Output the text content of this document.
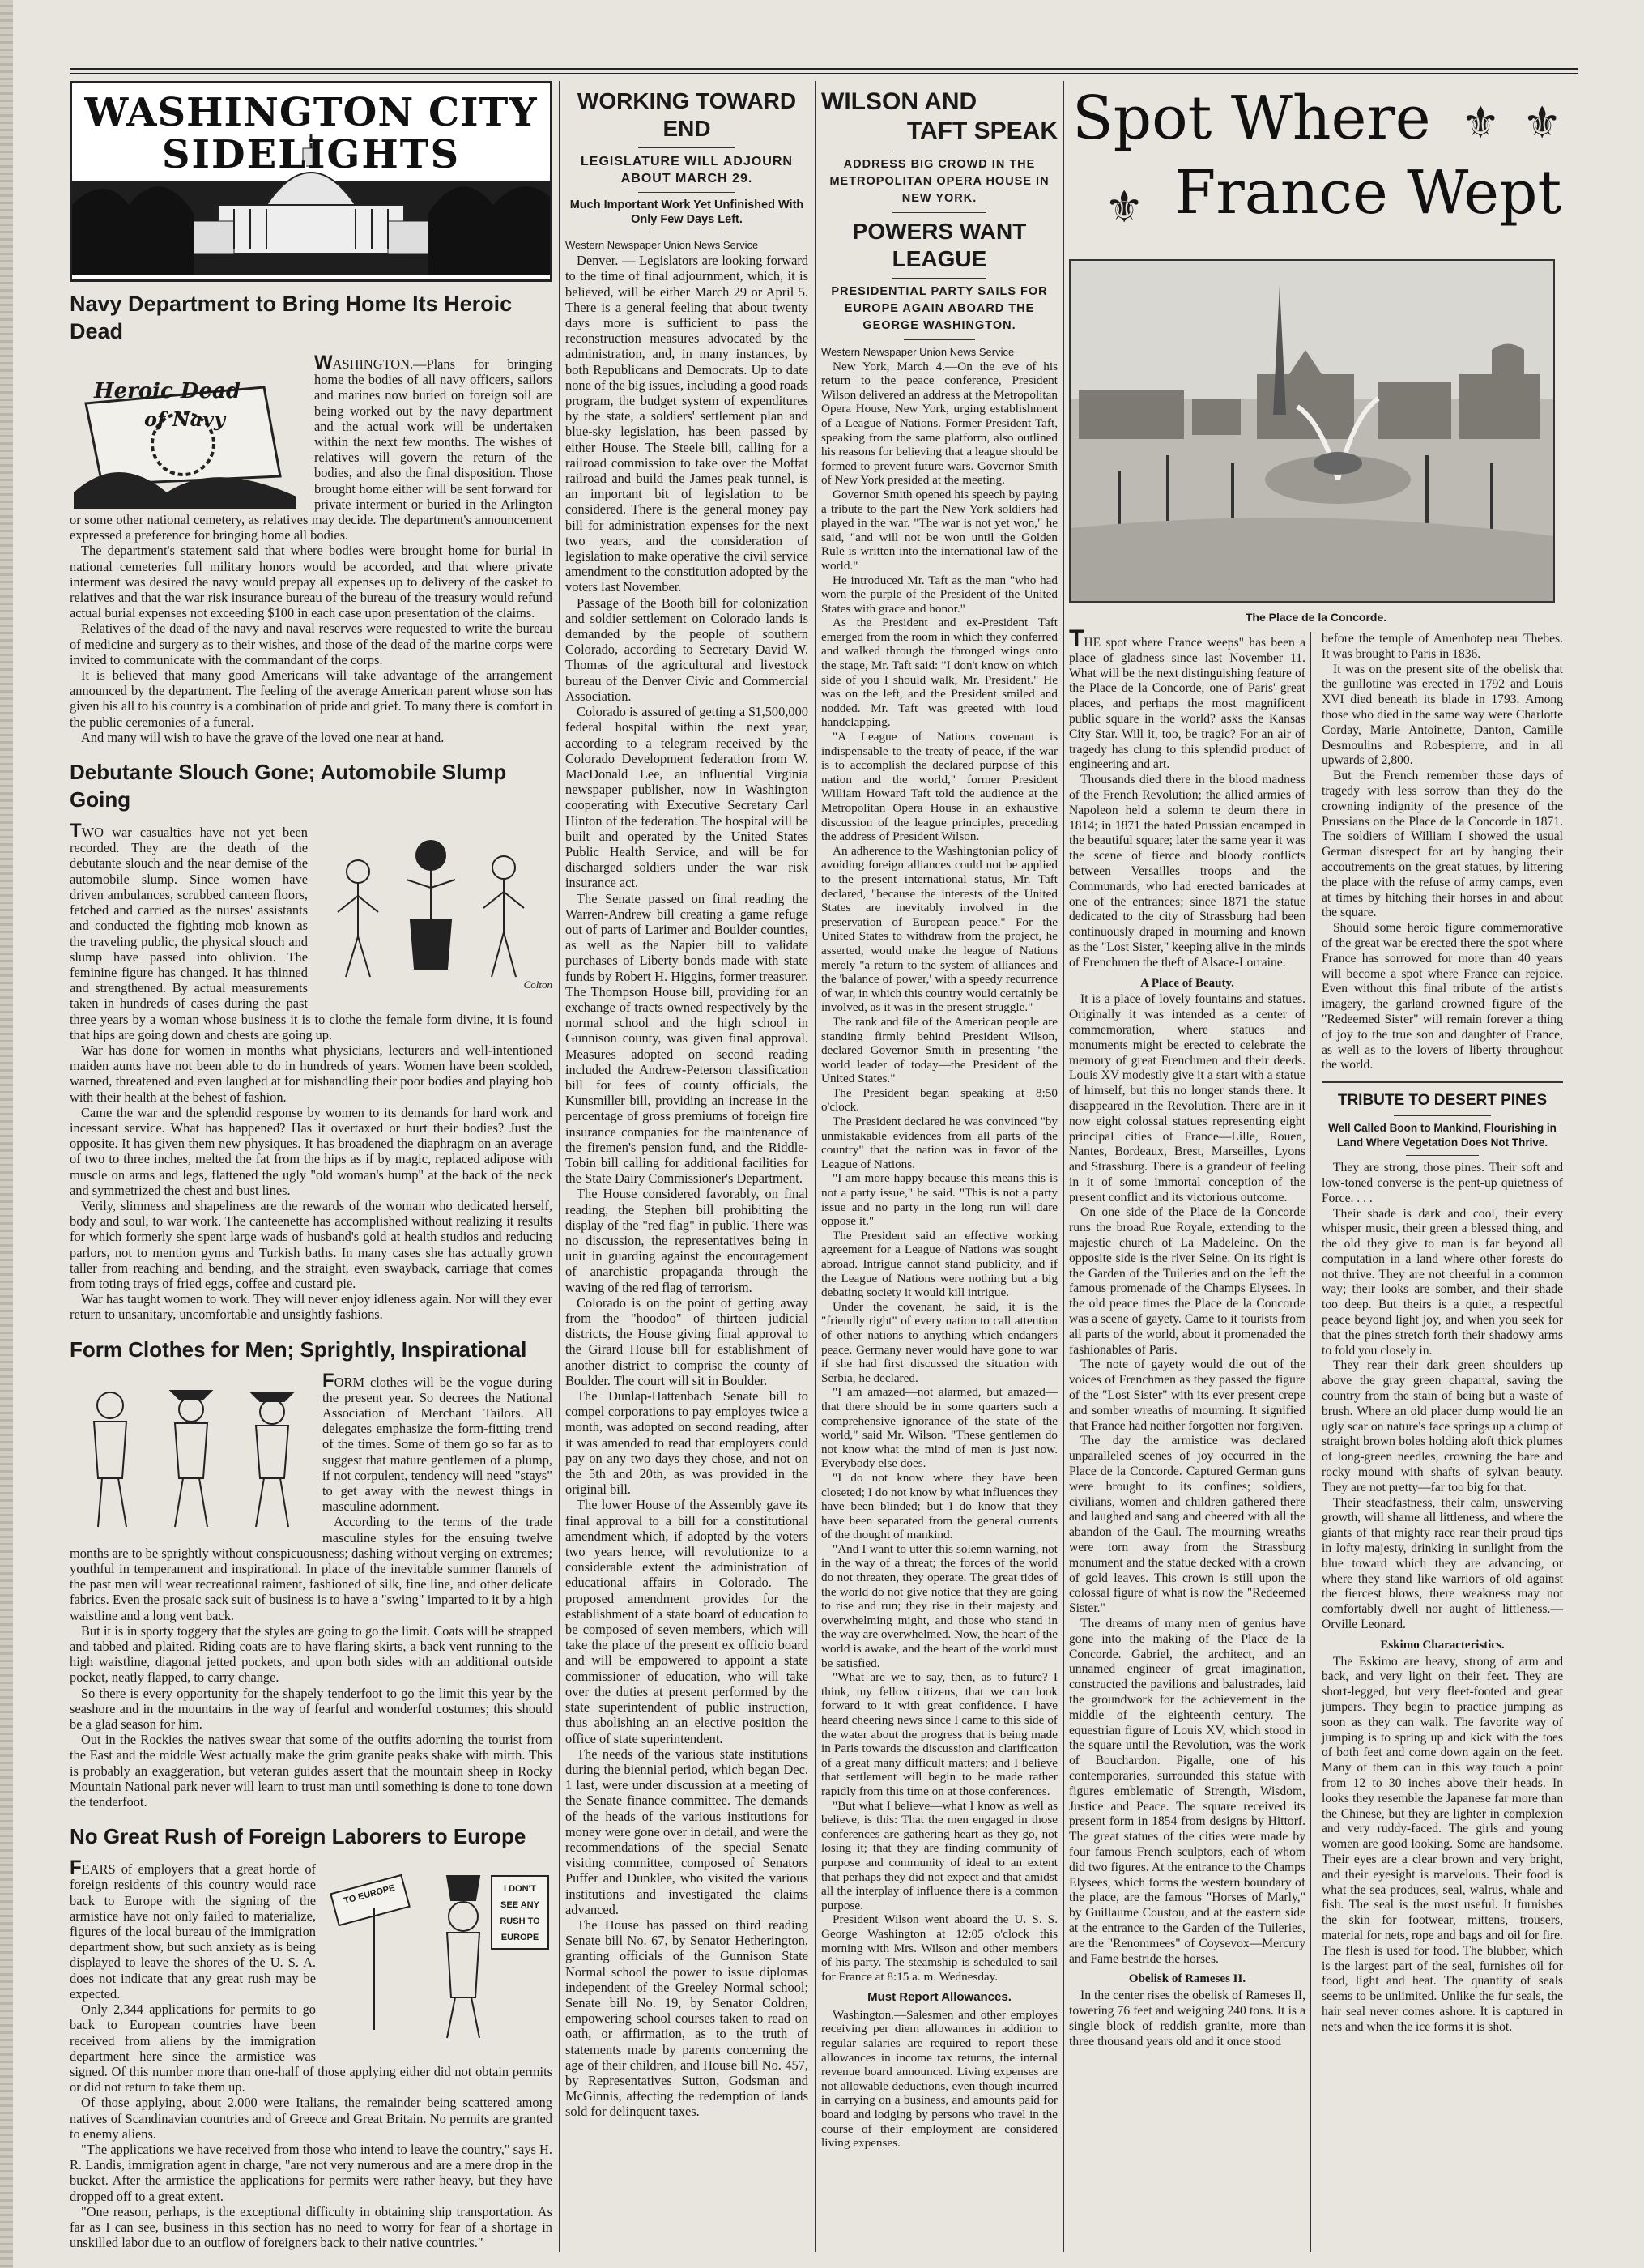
WASHINGTON CITY
SIDELIGHTS
Navy Department to Bring Home Its Heroic Dead
Heroic Dead
of Navy

WASHINGTON.—Plans for bringing home the bodies of all navy officers, sailors and marines now buried on foreign soil are being worked out by the navy department and the actual work will be undertaken within the next few months. The wishes of relatives will govern the return of the bodies, and also the final disposition. Those brought home either will be sent forward for private interment or buried in the Arlington or some other national cemetery, as relatives may decide. The department's announcement expressed a preference for bringing home all bodies.

The department's statement said that where bodies were brought home for burial in national cemeteries full military honors would be accorded, and that where private interment was desired the navy would prepay all expenses up to delivery of the casket to relatives and that the war risk insurance bureau of the bureau of the treasury would refund actual burial expenses not exceeding $100 in each case upon presentation of the claims.

Relatives of the dead of the navy and naval reserves were requested to write the bureau of medicine and surgery as to their wishes, and those of the dead of the marine corps were invited to communicate with the commandant of the corps.

It is believed that many good Americans will take advantage of the arrangement announced by the department. The feeling of the average American parent whose son has given his all to his country is a combination of pride and grief. To many there is comfort in the public ceremonies of a funeral.

And many will wish to have the grave of the loved one near at hand.

Debutante Slouch Gone; Automobile Slump Going
Colton

TWO war casualties have not yet been recorded. They are the death of the debutante slouch and the near demise of the automobile slump. Since women have driven ambulances, scrubbed canteen floors, fetched and carried as the nurses' assistants and conducted the fighting mob known as the traveling public, the physical slouch and slump have passed into oblivion. The feminine figure has changed. It has thinned and strengthened. By actual measurements taken in hundreds of cases during the past three years by a woman whose business it is to clothe the female form divine, it is found that hips are going down and chests are going up.

War has done for women in months what physicians, lecturers and well-intentioned maiden aunts have not been able to do in hundreds of years. Women have been scolded, warned, threatened and even laughed at for mishandling their poor bodies and playing hob with their health at the behest of fashion.

Came the war and the splendid response by women to its demands for hard work and incessant service. What has happened? Has it overtaxed or hurt their bodies? Just the opposite. It has given them new physiques. It has broadened the diaphragm on an average of two to three inches, melted the fat from the hips as if by magic, replaced adipose with muscle on arms and legs, flattened the ugly "old woman's hump" at the back of the neck and symmetrized the chest and bust lines.

Verily, slimness and shapeliness are the rewards of the woman who dedicated herself, body and soul, to war work. The canteenette has accomplished without realizing it results for which formerly she spent large wads of husband's gold at health studios and reducing parlors, not to mention gyms and Turkish baths. In many cases she has actually grown taller from reaching and bending, and the straight, even swayback, carriage that comes from toting trays of fried eggs, coffee and custard pie.

War has taught women to work. They will never enjoy idleness again. Nor will they ever return to unsanitary, uncomfortable and unsightly fashions.

Form Clothes for Men; Sprightly, Inspirational

FORM clothes will be the vogue during the present year. So decrees the National Association of Merchant Tailors. All delegates emphasize the form-fitting trend of the times. Some of them go so far as to suggest that mature gentlemen of a plump, if not corpulent, tendency will need "stays" to get away with the newest things in masculine adornment.

According to the terms of the trade masculine styles for the ensuing twelve months are to be sprightly without conspicuousness; dashing without verging on extremes; youthful in temperament and inspirational. In place of the inevitable summer flannels of the past men will wear recreational raiment, fashioned of silk, fine line, and other delicate fabrics. Even the prosaic sack suit of business is to have a "swing" imparted to it by a high waistline and a long vent back.

But it is in sporty toggery that the styles are going to go the limit. Coats will be strapped and tabbed and plaited. Riding coats are to have flaring skirts, a back vent running to the high waistline, diagonal jetted pockets, and upon both sides with an additional outside pocket, neatly flapped, to carry change.

So there is every opportunity for the shapely tenderfoot to go the limit this year by the seashore and in the mountains in the way of fearful and wonderful costumes; this should be a glad season for him.

Out in the Rockies the natives swear that some of the outfits adorning the tourist from the East and the middle West actually make the grim granite peaks shake with mirth. This is probably an exaggeration, but veteran guides assert that the mountain sheep in Rocky Mountain National park never will learn to trust man until something is done to tone down the tenderfoot.

No Great Rush of Foreign Laborers to Europe
TO EUROPE	I DON'T
SEE ANY
RUSH TO
EUROPE

FEARS of employers that a great horde of foreign residents of this country would race back to Europe with the signing of the armistice have not only failed to materialize, figures of the local bureau of the immigration department show, but such anxiety as is being displayed to leave the shores of the U. S. A. does not indicate that any great rush may be expected.

Only 2,344 applications for permits to go back to European countries have been received from aliens by the immigration department here since the armistice was signed. Of this number more than one-half of those applying either did not obtain permits or did not return to take them up.

Of those applying, about 2,000 were Italians, the remainder being scattered among natives of Scandinavian countries and of Greece and Great Britain. No permits are granted to enemy aliens.

"The applications we have received from those who intend to leave the country," says H. R. Landis, immigration agent in charge, "are not very numerous and are a mere drop in the bucket. After the armistice the applications for permits were rather heavy, but they have dropped off to a great extent.

"One reason, perhaps, is the exceptional difficulty in obtaining ship transportation. As far as I can see, business in this section has no need to worry for fear of a shortage in unskilled labor due to an outflow of foreigners back to their native countries."

WORKING TOWARD END
LEGISLATURE WILL ADJOURN ABOUT MARCH 29.
Much Important Work Yet Unfinished With Only Few Days Left.

Western Newspaper Union News Service

Denver. — Legislators are looking forward to the time of final adjournment, which, it is believed, will be either March 29 or April 5. There is a general feeling that about twenty days more is sufficient to pass the reconstruction measures advocated by the administration, and, in many instances, by both Republicans and Democrats. Up to date none of the big issues, including a good roads program, the budget system of expenditures by the state, a soldiers' settlement plan and blue-sky legislation, has been passed by either House. The Steele bill, calling for a railroad commission to take over the Moffat railroad and build the James peak tunnel, is an important bit of legislation to be considered. There is the general money pay bill for administration expenses for the next two years, and the consideration of legislation to make operative the civil service amendment to the constitution adopted by the voters last November.

Passage of the Booth bill for colonization and soldier settlement on Colorado lands is demanded by the people of southern Colorado, according to Secretary David W. Thomas of the agricultural and livestock bureau of the Denver Civic and Commercial Association.

Colorado is assured of getting a $1,500,000 federal hospital within the next year, according to a telegram received by the Colorado Development federation from W. MacDonald Lee, an influential Virginia newspaper publisher, now in Washington cooperating with Executive Secretary Carl Hinton of the federation. The hospital will be built and operated by the United States Public Health Service, and will be for discharged soldiers under the war risk insurance act.

The Senate passed on final reading the Warren-Andrew bill creating a game refuge out of parts of Larimer and Boulder counties, as well as the Napier bill to validate purchases of Liberty bonds made with state funds by Robert H. Higgins, former treasurer. The Thompson House bill, providing for an exchange of tracts owned respectively by the normal school and the high school in Gunnison county, was given final approval. Measures adopted on second reading included the Andrew-Peterson classification bill for fees of county officials, the Kunsmiller bill, providing an increase in the percentage of gross premiums of foreign fire insurance companies for the maintenance of the firemen's pension fund, and the Riddle-Tobin bill calling for additional facilities for the State Dairy Commissioner's Department.

The House considered favorably, on final reading, the Stephen bill prohibiting the display of the "red flag" in public. There was no discussion, the representatives being in unit in guarding against the encouragement of anarchistic propaganda through the waving of the red flag of terrorism.

Colorado is on the point of getting away from the "hoodoo" of thirteen judicial districts, the House giving final approval to the Girard House bill for establishment of another district to comprise the county of Boulder. The court will sit in Boulder.

The Dunlap-Hattenbach Senate bill to compel corporations to pay employes twice a month, was adopted on second reading, after it was amended to read that employers could pay on any two days they chose, and not on the 5th and 20th, as was provided in the original bill.

The lower House of the Assembly gave its final approval to a bill for a constitutional amendment which, if adopted by the voters two years hence, will revolutionize to a considerable extent the administration of educational affairs in Colorado. The proposed amendment provides for the establishment of a state board of education to be composed of seven members, which will take the place of the present ex officio board and will be empowered to appoint a state commissioner of education, who will take over the duties at present performed by the state superintendent of public instruction, thus abolishing an an elective position the office of state superintendent.

The needs of the various state institutions during the biennial period, which began Dec. 1 last, were under discussion at a meeting of the Senate finance committee. The demands of the heads of the various institutions for money were gone over in detail, and were the recommendations of the special Senate visiting committee, composed of Senators Puffer and Dunklee, who visited the various institutions and investigated the claims advanced.

The House has passed on third reading Senate bill No. 67, by Senator Hetherington, granting officials of the Gunnison State Normal school the power to issue diplomas independent of the Greeley Normal school; Senate bill No. 19, by Senator Coldren, empowering school courses taken to read on oath, or affirmation, as to the truth of statements made by parents concerning the age of their children, and House bill No. 457, by Representatives Sutton, Godsman and McGinnis, affecting the redemption of lands sold for delinquent taxes.

WILSON AND
TAFT SPEAK
ADDRESS BIG CROWD IN THE METROPOLITAN OPERA HOUSE IN NEW YORK.
POWERS WANT LEAGUE
PRESIDENTIAL PARTY SAILS FOR EUROPE AGAIN ABOARD THE GEORGE WASHINGTON.

Western Newspaper Union News Service

New York, March 4.—On the eve of his return to the peace conference, President Wilson delivered an address at the Metropolitan Opera House, New York, urging establishment of a League of Nations. Former President Taft, speaking from the same platform, also outlined his reasons for believing that a league should be formed to prevent future wars. Governor Smith of New York presided at the meeting.

Governor Smith opened his speech by paying a tribute to the part the New York soldiers had played in the war. "The war is not yet won," he said, "and will not be won until the Golden Rule is written into the international law of the world."

He introduced Mr. Taft as the man "who had worn the purple of the President of the United States with grace and honor."

As the President and ex-President Taft emerged from the room in which they conferred and walked through the thronged wings onto the stage, Mr. Taft said: "I don't know on which side of you I should walk, Mr. President." He was on the left, and the President smiled and nodded. Mr. Taft was greeted with loud handclapping.

"A League of Nations covenant is indispensable to the treaty of peace, if the war is to accomplish the declared purpose of this nation and the world," former President William Howard Taft told the audience at the Metropolitan Opera House in an exhaustive discussion of the league principles, preceding the address of President Wilson.

An adherence to the Washingtonian policy of avoiding foreign alliances could not be applied to the present international status, Mr. Taft declared, "because the interests of the United States are inevitably involved in the preservation of European peace." For the United States to withdraw from the project, he asserted, would make the league of Nations merely "a return to the system of alliances and the 'balance of power,' with a speedy recurrence of war, in which this country would certainly be involved, as it was in the present struggle."

The rank and file of the American people are standing firmly behind President Wilson, declared Governor Smith in presenting "the world leader of today—the President of the United States."

The President began speaking at 8:50 o'clock.

The President declared he was convinced "by unmistakable evidences from all parts of the country" that the nation was in favor of the League of Nations.

"I am more happy because this means this is not a party issue," he said. "This is not a party issue and no party in the long run will dare oppose it."

The President said an effective working agreement for a League of Nations was sought abroad. Intrigue cannot stand publicity, and if the League of Nations were nothing but a big debating society it would kill intrigue.

Under the covenant, he said, it is the "friendly right" of every nation to call attention of other nations to anything which endangers peace. Germany never would have gone to war if she had first discussed the situation with Serbia, he declared.

"I am amazed—not alarmed, but amazed—that there should be in some quarters such a comprehensive ignorance of the state of the world," said Mr. Wilson. "These gentlemen do not know what the mind of men is just now. Everybody else does.

"I do not know where they have been closeted; I do not know by what influences they have been blinded; but I do know that they have been separated from the general currents of the thought of mankind.

"And I want to utter this solemn warning, not in the way of a threat; the forces of the world do not threaten, they operate. The great tides of the world do not give notice that they are going to rise and run; they rise in their majesty and overwhelming might, and those who stand in the way are overwhelmed. Now, the heart of the world is awake, and the heart of the world must be satisfied.

"What are we to say, then, as to future? I think, my fellow citizens, that we can look forward to it with great confidence. I have heard cheering news since I came to this side of the water about the progress that is being made in Paris towards the discussion and clarification of a great many difficult matters; and I believe that settlement will begin to be made rather rapidly from this time on at those conferences.

"But what I believe—what I know as well as believe, is this: That the men engaged in those conferences are gathering heart as they go, not losing it; that they are finding community of purpose and community of ideal to an extent that perhaps they did not expect and that amidst all the interplay of influence there is a common purpose.

President Wilson went aboard the U. S. S. George Washington at 12:05 o'clock this morning with Mrs. Wilson and other members of his party. The steamship is scheduled to sail for France at 8:15 a. m. Wednesday.

Must Report Allowances.

Washington.—Salesmen and other employes receiving per diem allowances in addition to regular salaries are required to report these allowances in income tax returns, the internal revenue board announced. Living expenses are not allowable deductions, even though incurred in carrying on a business, and amounts paid for board and lodging by persons who travel in the course of their employment are considered living expenses.

Spot Where
France Wept
⚜ ⚜
⚜
The Place de la Concorde.

THE spot where France weeps" has been a place of gladness since last November 11. What will be the next distinguishing feature of the Place de la Concorde, one of Paris' great places, and perhaps the most magnificent public square in the world? asks the Kansas City Star. Will it, too, be tragic? For an air of tragedy has clung to this splendid product of engineering and art.

Thousands died there in the blood madness of the French Revolution; the allied armies of Napoleon held a solemn te deum there in 1814; in 1871 the hated Prussian encamped in the beautiful square; later the same year it was the scene of fierce and bloody conflicts between Versailles troops and the Communards, who had erected barricades at one of the entrances; since 1871 the statue dedicated to the city of Strassburg had been continuously draped in mourning and known as the "Lost Sister," keeping alive in the minds of Frenchmen the theft of Alsace-Lorraine.

A Place of Beauty.

It is a place of lovely fountains and statues. Originally it was intended as a center of commemoration, where statues and monuments might be erected to celebrate the memory of great Frenchmen and their deeds. Louis XV modestly give it a start with a statue of himself, but this no longer stands there. It disappeared in the Revolution. There are in it now eight colossal statues representing eight principal cities of France—Lille, Rouen, Nantes, Bordeaux, Brest, Marseilles, Lyons and Strassburg. There is a grandeur of feeling in it of some immortal conception of the present conflict and its victorious outcome.

On one side of the Place de la Concorde runs the broad Rue Royale, extending to the majestic church of La Madeleine. On the opposite side is the river Seine. On its right is the Garden of the Tuileries and on the left the famous promenade of the Champs Elysees. In the old peace times the Place de la Concorde was a scene of gayety. Came to it tourists from all parts of the world, about it promenaded the fashionables of Paris.

The note of gayety would die out of the voices of Frenchmen as they passed the figure of the "Lost Sister" with its ever present crepe and somber wreaths of mourning. It signified that France had neither forgotten nor forgiven.

The day the armistice was declared unparalleled scenes of joy occurred in the Place de la Concorde. Captured German guns were brought to its confines; soldiers, civilians, women and children gathered there and laughed and sang and cheered with all the abandon of the Gaul. The mourning wreaths were torn away from the Strassburg monument and the statue decked with a crown of gold leaves. This crown is still upon the colossal figure of what is now the "Redeemed Sister."

The dreams of many men of genius have gone into the making of the Place de la Concorde. Gabriel, the architect, and an unnamed engineer of great imagination, constructed the pavilions and balustrades, laid the groundwork for the achievement in the middle of the eighteenth century. The equestrian figure of Louis XV, which stood in the square until the Revolution, was the work of Bouchardon. Pigalle, one of his contemporaries, surrounded this statue with figures emblematic of Strength, Wisdom, Justice and Peace. The square received its present form in 1854 from designs by Hittorf. The great statues of the cities were made by four famous French sculptors, each of whom did two figures. At the entrance to the Champs Elysees, which forms the western boundary of the place, are the famous "Horses of Marly," by Guillaume Coustou, and at the eastern side at the entrance to the Garden of the Tuileries, are the "Renommees" of Coysevox—Mercury and Fame bestride the horses.

Obelisk of Rameses II.

In the center rises the obelisk of Rameses II, towering 76 feet and weighing 240 tons. It is a single block of reddish granite, more than three thousand years old and it once stood

before the temple of Amenhotep near Thebes. It was brought to Paris in 1836.

It was on the present site of the obelisk that the guillotine was erected in 1792 and Louis XVI died beneath its blade in 1793. Among those who died in the same way were Charlotte Corday, Marie Antoinette, Danton, Camille Desmoulins and Robespierre, and in all upwards of 2,800.

But the French remember those days of tragedy with less sorrow than they do the crowning indignity of the presence of the Prussians on the Place de la Concorde in 1871. The soldiers of William I showed the usual German disrespect for art by hanging their accoutrements on the great statues, by littering the place with the refuse of army camps, even at times by hitching their horses in and about the square.

Should some heroic figure commemorative of the great war be erected there the spot where France has sorrowed for more than 40 years will become a spot where France can rejoice. Even without this final tribute of the artist's imagery, the garland crowned figure of the "Redeemed Sister" will remain forever a thing of joy to the true son and daughter of France, as well as to the lovers of liberty throughout the world.

TRIBUTE TO DESERT PINES
Well Called Boon to Mankind, Flourishing in Land Where Vegetation Does Not Thrive.

They are strong, those pines. Their soft and low-toned converse is the pent-up quietness of Force. . . .

Their shade is dark and cool, their every whisper music, their green a blessed thing, and the old they give to man is far beyond all computation in a land where other forests do not thrive. They are not cheerful in a common way; their looks are somber, and their shade too deep. But theirs is a quiet, a respectful peace beyond light joy, and when you seek for that the pines stretch forth their shadowy arms to fold you closely in.

They rear their dark green shoulders up above the gray green chaparral, saving the country from the stain of being but a waste of brush. Where an old placer dump would lie an ugly scar on nature's face springs up a clump of straight brown boles holding aloft thick plumes of long-green needles, crowning the bare and rocky mound with shafts of sylvan beauty. They are not pretty—far too big for that.

Their steadfastness, their calm, unswerving growth, will shame all littleness, and where the giants of that mighty race rear their proud tips in lofty majesty, drinking in sunlight from the blue toward which they are advancing, or where they stand like warriors of old against the fiercest blows, there weakness may not comfortably dwell nor aught of littleness.—Orville Leonard.

Eskimo Characteristics.

The Eskimo are heavy, strong of arm and back, and very light on their feet. They are short-legged, but very fleet-footed and great jumpers. They begin to practice jumping as soon as they can walk. The favorite way of jumping is to spring up and kick with the toes of both feet and come down again on the feet. Many of them can in this way touch a point from 12 to 30 inches above their heads. In looks they resemble the Japanese far more than the Chinese, but they are lighter in complexion and very ruddy-faced. The girls and young women are good looking. Some are handsome. Their eyes are a clear brown and very bright, and their eyesight is marvelous. Their food is what the sea produces, seal, walrus, whale and fish. The seal is the most useful. It furnishes the skin for footwear, mittens, trousers, material for nets, rope and bags and oil for fire. The flesh is used for food. The blubber, which is the largest part of the seal, furnishes oil for food, light and heat. The quantity of seals seems to be unlimited. Unlike the fur seals, the hair seal never comes ashore. It is captured in nets and when the ice forms it is shot.
